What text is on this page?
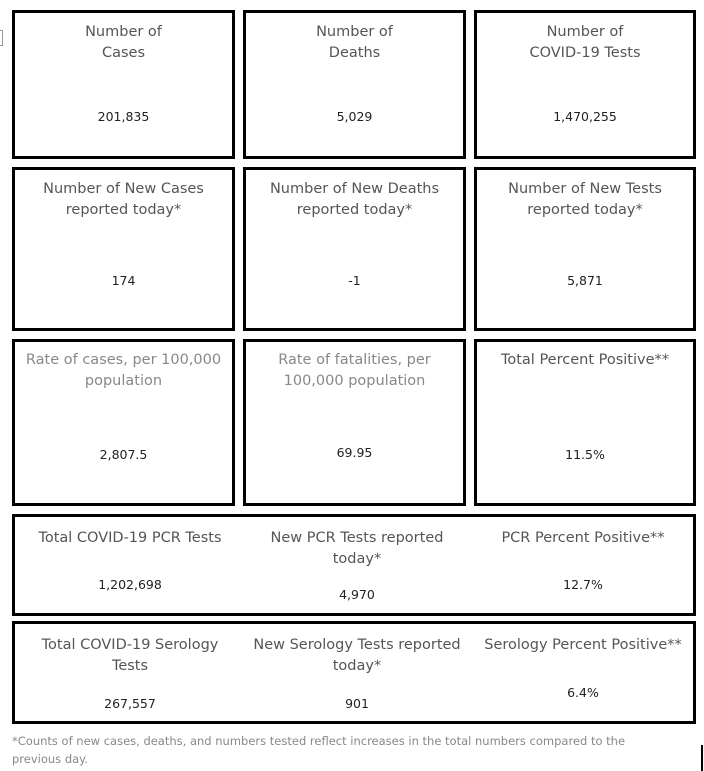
Number of
Cases
201,835
Number of
Deaths
5,029
Number of
COVID-19 Tests
1,470,255
Number of New Cases
reported today*
174
Number of New Deaths
reported today*
-1
Number of New Tests
reported today*
5,871
Rate of cases, per 100,000
population
2,807.5
Rate of fatalities, per
100,000 population
69.95
Total Percent Positive**
11.5%
Total COVID-19 PCR Tests
1,202,698
New PCR Tests reported
today*
4,970
PCR Percent Positive**
12.7%
Total COVID-19 Serology
Tests
267,557
New Serology Tests reported
today*
901
Serology Percent Positive**
6.4%
*Counts of new cases, deaths, and numbers tested reflect increases in the total numbers compared to the
previous day.
